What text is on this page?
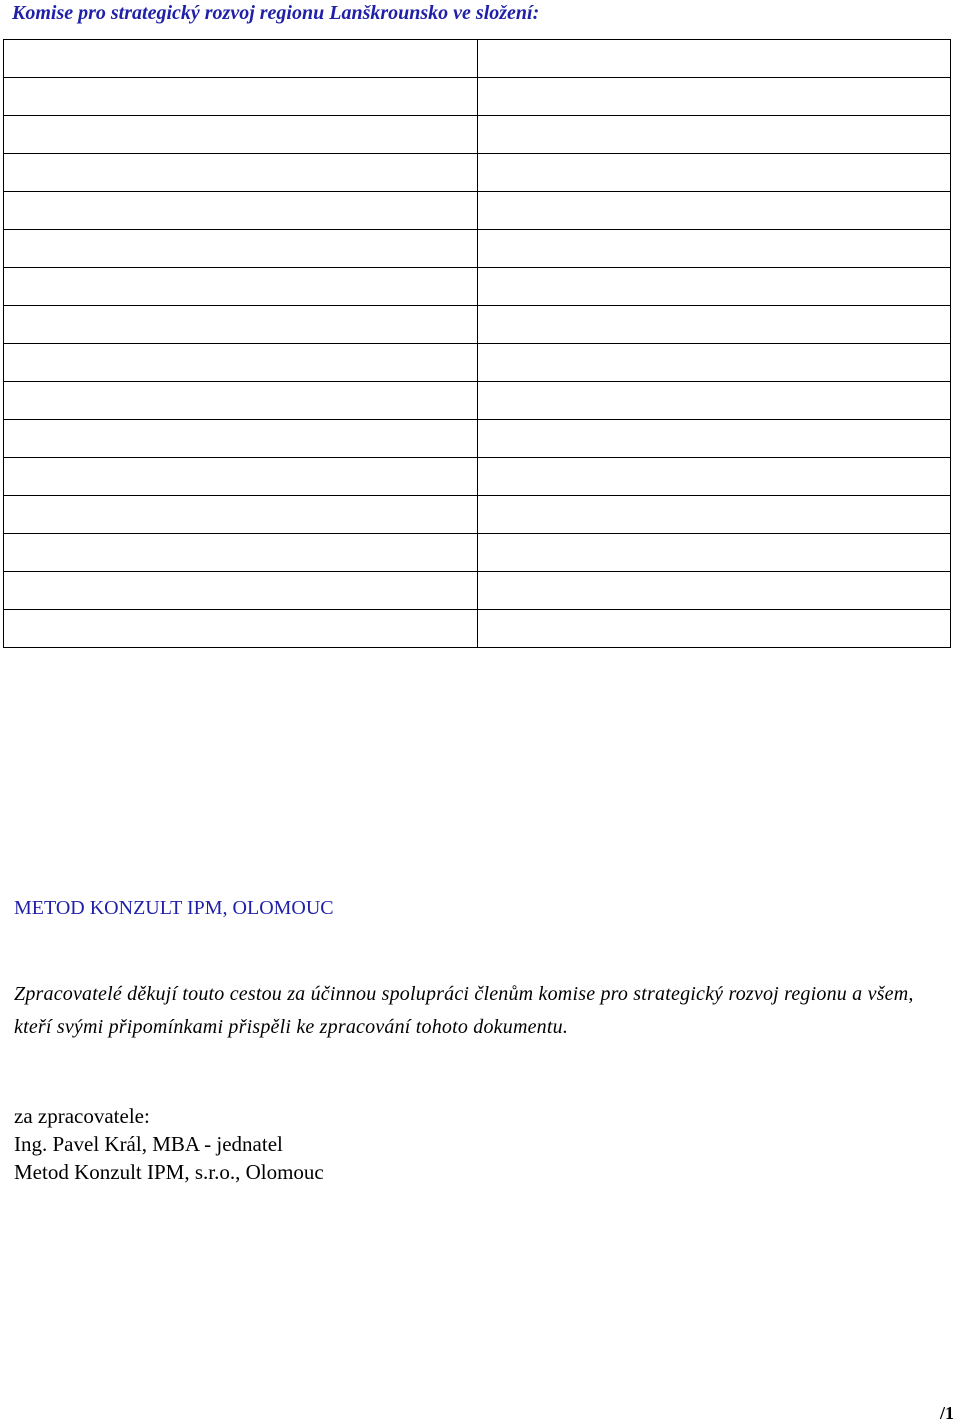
Komise pro strategický rozvoj regionu Lanškrounsko ve složení:

METOD KONZULT IPM, OLOMOUC

Zpracovatelé děkují touto cestou za účinnou spolupráci členům komise pro strategický rozvoj regionu a všem, kteří svými připomínkami přispěli ke zpracování tohoto dokumentu.

za zpracovatele:
Ing. Pavel Král, MBA - jednatel
Metod Konzult IPM, s.r.o., Olomouc
/1
